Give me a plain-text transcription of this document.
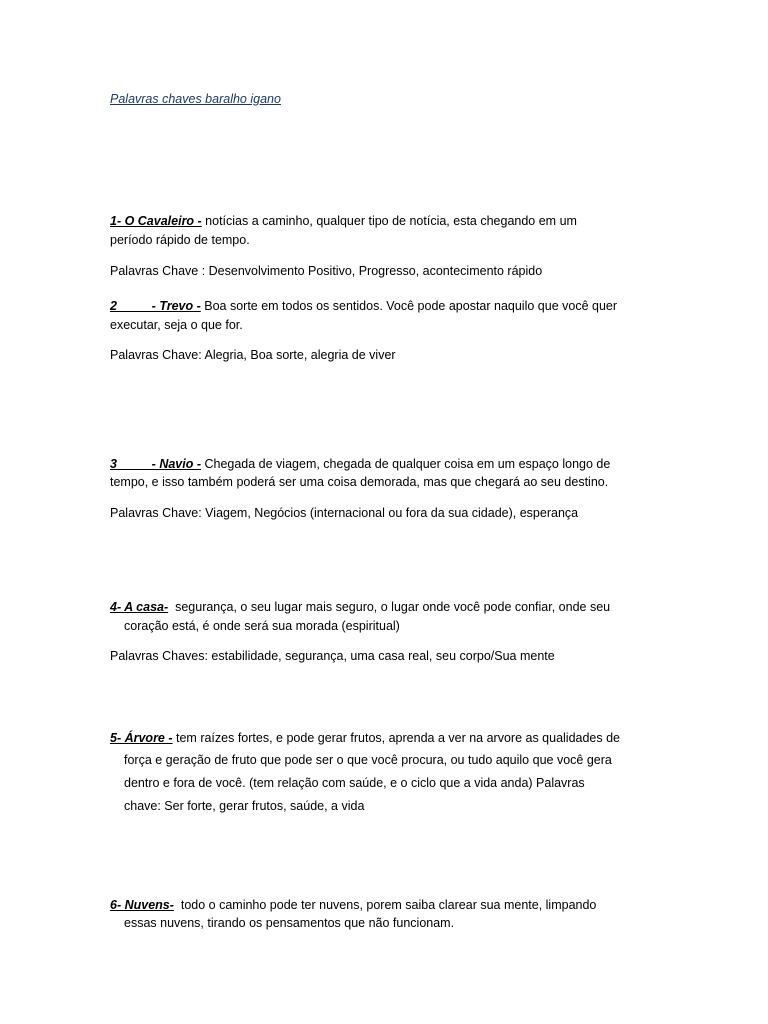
Palavras chaves baralho igano
1- O Cavaleiro - notícias a caminho, qualquer tipo de notícia, esta chegando em um
período rápido de tempo.
Palavras Chave : Desenvolvimento Positivo, Progresso, acontecimento rápido
2          - Trevo - Boa sorte em todos os sentidos. Você pode apostar naquilo que você quer
executar, seja o que for.
Palavras Chave: Alegria, Boa sorte, alegria de viver
3          - Navio - Chegada de viagem, chegada de qualquer coisa em um espaço longo de
tempo, e isso também poderá ser uma coisa demorada, mas que chegará ao seu destino.
Palavras Chave: Viagem, Negócios (internacional ou fora da sua cidade), esperança
4- A casa-  segurança, o seu lugar mais seguro, o lugar onde você pode confiar, onde seu
coração está, é onde será sua morada (espiritual)
Palavras Chaves: estabilidade, segurança, uma casa real, seu corpo/Sua mente
5- Árvore - tem raízes fortes, e pode gerar frutos, aprenda a ver na arvore as qualidades de
força e geração de fruto que pode ser o que você procura, ou tudo aquilo que você gera
dentro e fora de você. (tem relação com saúde, e o ciclo que a vida anda) Palavras
chave: Ser forte, gerar frutos, saúde, a vida
6- Nuvens-  todo o caminho pode ter nuvens, porem saiba clarear sua mente, limpando
essas nuvens, tirando os pensamentos que não funcionam.
